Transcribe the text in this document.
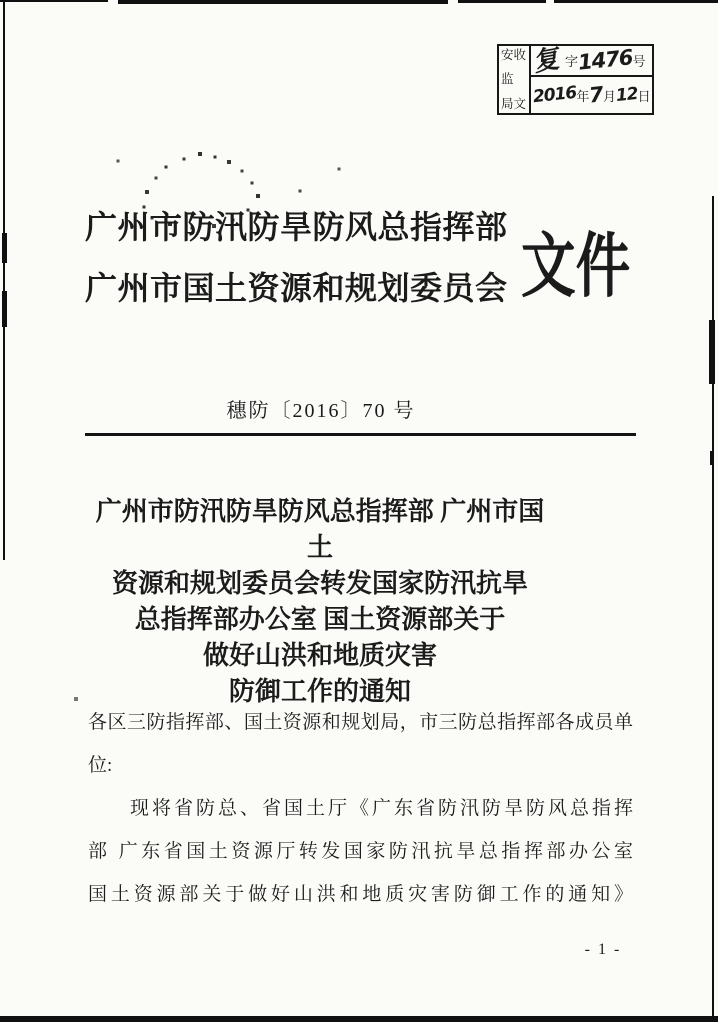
安收
监
局文
复 字
1476
号
2016 年
7
月
12 日
广州市防汛防旱防风总指挥部
广州市国土资源和规划委员会 文件
穗防〔2016〕70 号
广州市防汛防旱防风总指挥部 广州市国土
资源和规划委员会转发国家防汛抗旱
总指挥部办公室 国土资源部关于
做好山洪和地质灾害
防御工作的通知
各区三防指挥部、国土资源和规划局，市三防总指挥部各成员单
位:
现将省防总、省国土厅《广东省防汛防旱防风总指挥
部 广东省国土资源厅转发国家防汛抗旱总指挥部办公室
国土资源部关于做好山洪和地质灾害防御工作的通知》
- 1 -
